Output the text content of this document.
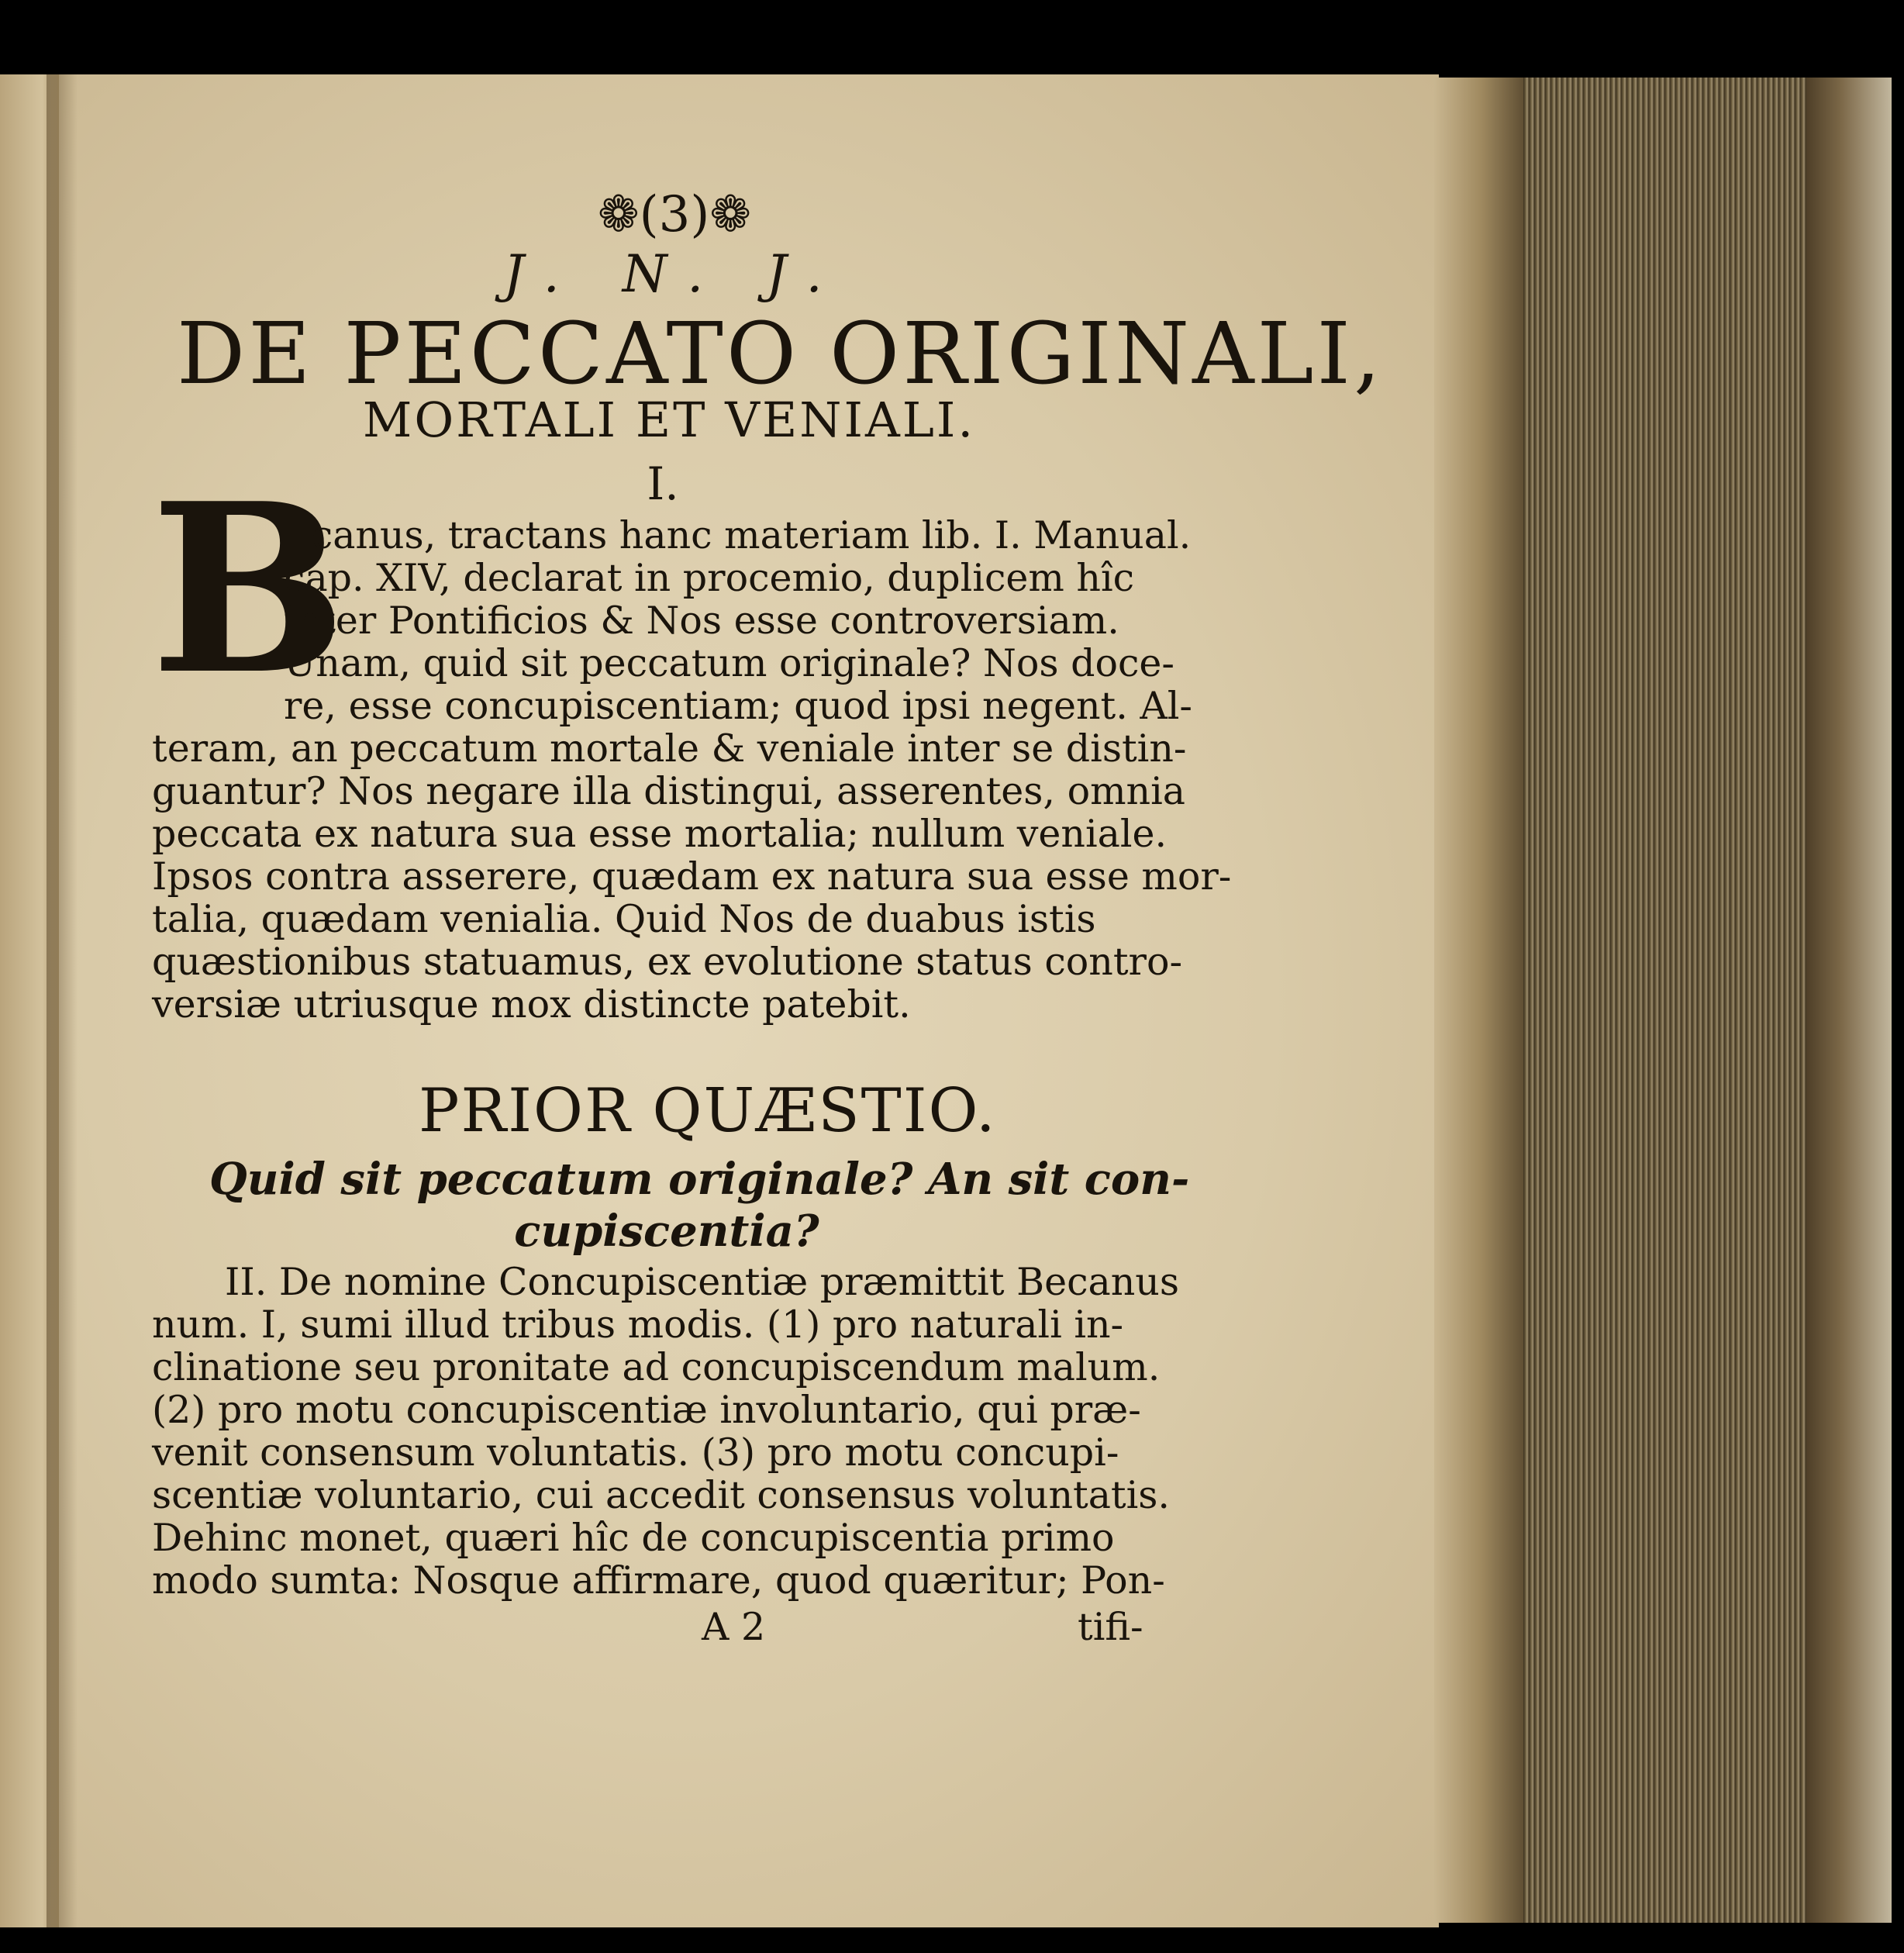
❁(3)❁
J. N. J.
DE PECCATO ORIGINALI,
MORTALI ET VENIALI.
I.
B
Ecanus, tractans hanc materiam lib. I. Manual.
cap. XIV, declarat in procemio, duplicem hîc
inter Pontificios & Nos esse controversiam.
Unam, quid sit peccatum originale? Nos doce-
re, esse concupiscentiam; quod ipsi negent. Al-
teram, an peccatum mortale & veniale inter se distin-
guantur? Nos negare illa distingui, asserentes, omnia
peccata ex natura sua esse mortalia; nullum veniale.
Ipsos contra asserere, quædam ex natura sua esse mor-
talia, quædam venialia. Quid Nos de duabus istis
quæstionibus statuamus, ex evolutione status contro-
versiæ utriusque mox distincte patebit.
PRIOR QUÆSTIO.
Quid sit peccatum originale? An sit con-
cupiscentia?
II. De nomine Concupiscentiæ præmittit Becanus
num. I, sumi illud tribus modis. (1) pro naturali in-
clinatione seu pronitate ad concupiscendum malum.
(2) pro motu concupiscentiæ involuntario, qui præ-
venit consensum voluntatis. (3) pro motu concupi-
scentiæ voluntario, cui accedit consensus voluntatis.
Dehinc monet, quæri hîc de concupiscentia primo
modo sumta: Nosque affirmare, quod quæritur; Pon-
A 2	tifi-
